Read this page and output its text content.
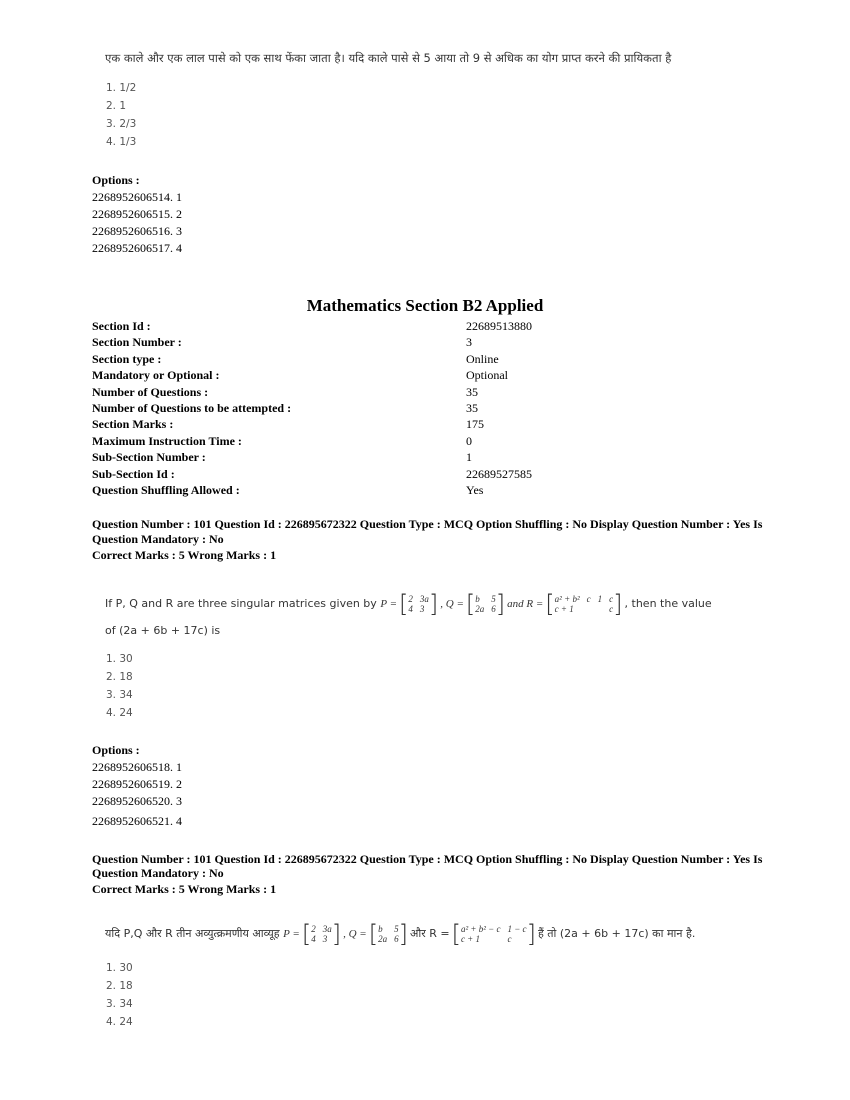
एक काले और एक लाल पासे को एक साथ फेंका जाता है। यदि काले पासे से 5 आया तो 9 से अधिक का योग प्राप्त करने की प्रायिकता है
1. 1/2
2. 1
3. 2/3
4. 1/3
Options :
2268952606514. 1
2268952606515. 2
2268952606516. 3
2268952606517. 4
Mathematics Section B2 Applied
Section Id :	22689513880
Section Number :	3
Section type :	Online
Mandatory or Optional :	Optional
Number of Questions :	35
Number of Questions to be attempted :	35
Section Marks :	175
Maximum Instruction Time :	0
Sub-Section Number :	1
Sub-Section Id :	22689527585
Question Shuffling Allowed :	Yes
Question Number : 101 Question Id : 226895672322 Question Type : MCQ Option Shuffling : No Display Question Number : Yes Is
Question Mandatory : No
Correct Marks : 5 Wrong Marks : 1
If P, Q and R are three singular matrices given by P = [ 2 3a
4 3 ] , Q = [ b	5
2a 6 ] and R = [ a² + b² c 1 c
c + 1	c ] , then the value
of (2a + 6b + 17c) is
1. 30
2. 18
3. 34
4. 24
Options :
2268952606518. 1
2268952606519. 2
2268952606520. 3
2268952606521. 4
Question Number : 101 Question Id : 226895672322 Question Type : MCQ Option Shuffling : No Display Question Number : Yes Is
Question Mandatory : No
Correct Marks : 5 Wrong Marks : 1
यदि P,Q और R तीन अव्युत्क्रमणीय आव्यूह P = [ 2 3a
4 3 ] , Q = [ b	5
2a 6 ] और R = [ a² + b² − c 1 − c
c + 1	c ] हैं तो (2a + 6b + 17c) का मान है.
1. 30
2. 18
3. 34
4. 24
